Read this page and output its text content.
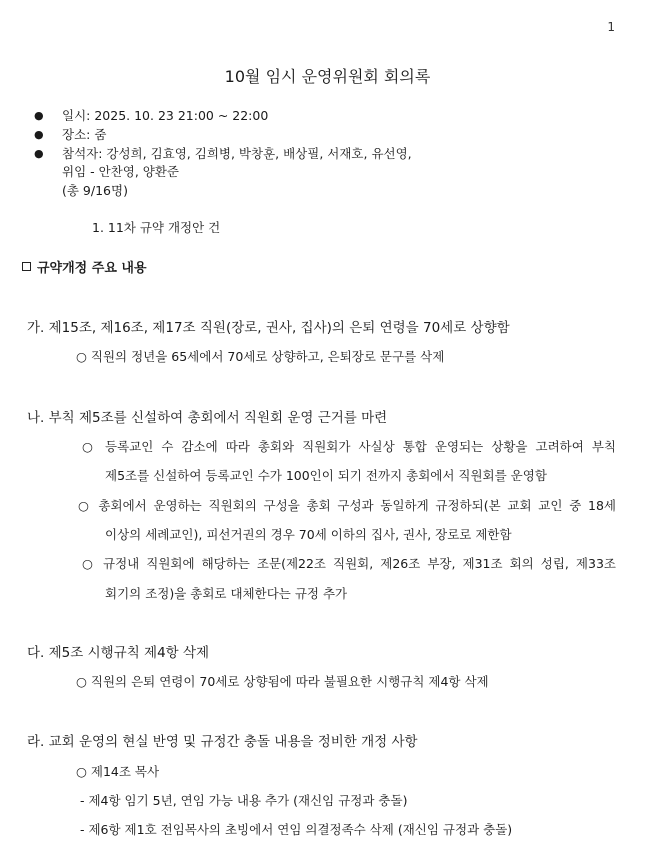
1
10월 임시 운영위원회 회의록
● 일시: 2025. 10. 23 21:00 ~ 22:00
● 장소: 줌
● 참석자: 강성희, 김효영, 김희병, 박창훈, 배상필, 서재호, 유선영,
위임 - 안찬영, 양환준
(총 9/16명)
1. 11차 규약 개정안 건
규약개정 주요 내용
가. 제15조, 제16조, 제17조 직원(장로, 권사, 집사)의 은퇴 연령을 70세로 상향함
○ 직원의 정년을 65세에서 70세로 상향하고, 은퇴장로 문구를 삭제
나. 부칙 제5조를 신설하여 총회에서 직원회 운영 근거를 마련
○ 등록교인 수 감소에 따라 총회와 직원회가 사실상 통합 운영되는 상황을 고려하여 부칙
제5조를 신설하여 등록교인 수가 100인이 되기 전까지 총회에서 직원회를 운영함
○ 총회에서 운영하는 직원회의 구성을 총회 구성과 동일하게 규정하되(본 교회 교인 중 18세
이상의 세례교인), 피선거권의 경우 70세 이하의 집사, 권사, 장로로 제한함
○ 규정내 직원회에 해당하는 조문(제22조 직원회, 제26조 부장, 제31조 회의 성립, 제33조
회기의 조정)을 총회로 대체한다는 규정 추가
다. 제5조 시행규칙 제4항 삭제
○ 직원의 은퇴 연령이 70세로 상향됨에 따라 불필요한 시행규칙 제4항 삭제
라. 교회 운영의 현실 반영 및 규정간 충돌 내용을 정비한 개정 사항
○ 제14조 목사
- 제4항 임기 5년, 연임 가능 내용 추가 (재신임 규정과 충돌)
- 제6항 제1호 전임목사의 초빙에서 연임 의결정족수 삭제 (재신임 규정과 충돌)
